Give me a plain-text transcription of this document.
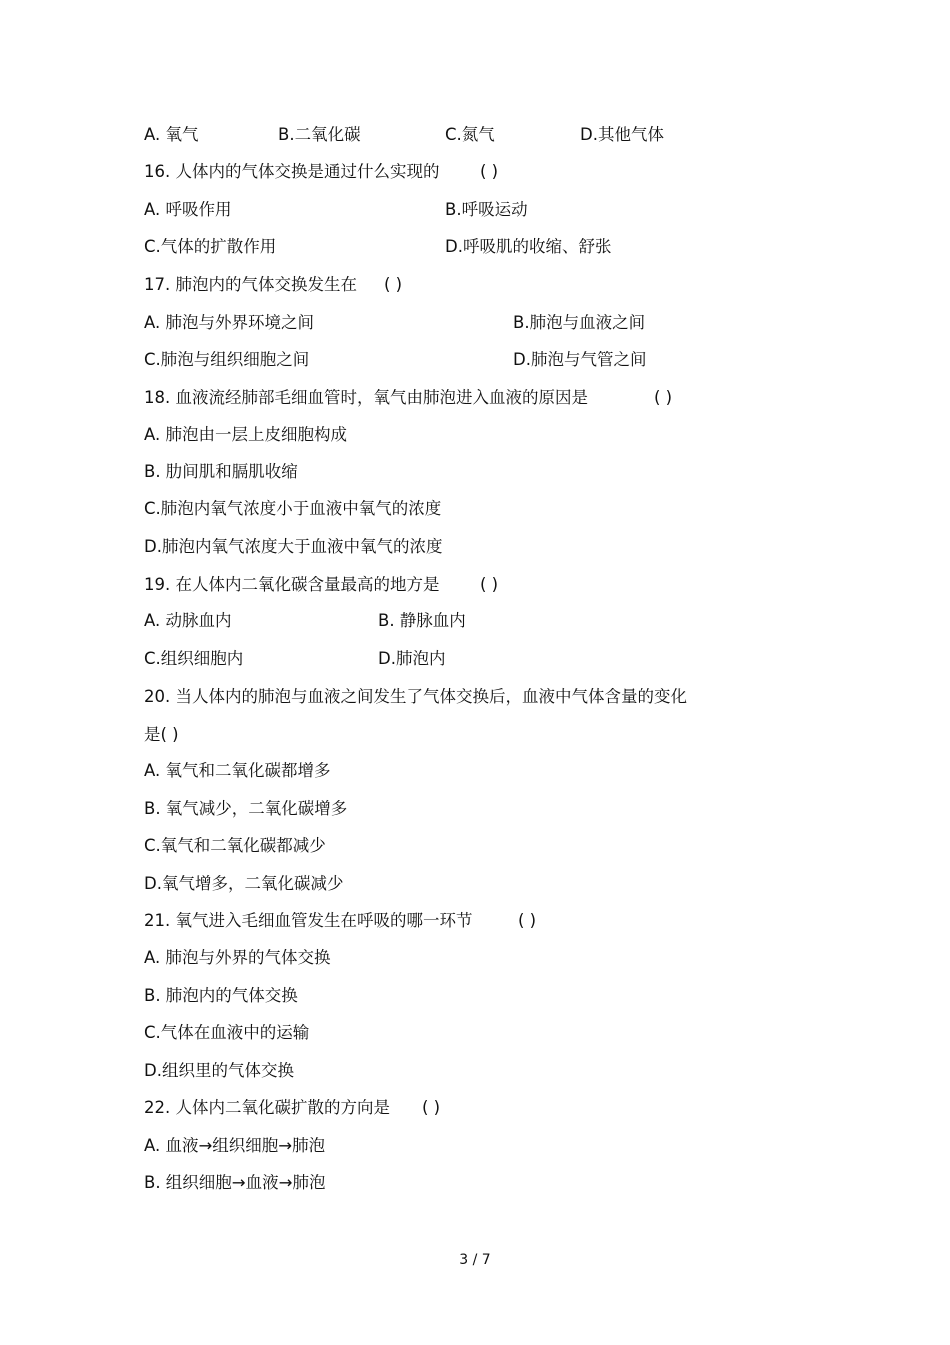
A. 氧气	B.二氧化碳	C.氮气	D.其他气体
16. 人体内的气体交换是通过什么实现的 ( )
A. 呼吸作用	B.呼吸运动
C.气体的扩散作用	D.呼吸肌的收缩、舒张
17. 肺泡内的气体交换发生在 ( )
A. 肺泡与外界环境之间	B.肺泡与血液之间
C.肺泡与组织细胞之间	D.肺泡与气管之间
18. 血液流经肺部毛细血管时，氧气由肺泡进入血液的原因是	( )
A. 肺泡由一层上皮细胞构成
B. 肋间肌和膈肌收缩
C.肺泡内氧气浓度小于血液中氧气的浓度
D.肺泡内氧气浓度大于血液中氧气的浓度
19. 在人体内二氧化碳含量最高的地方是 ( )
A. 动脉血内	B. 静脉血内
C.组织细胞内	D.肺泡内
20. 当人体内的肺泡与血液之间发生了气体交换后，血液中气体含量的变化
是( )
A. 氧气和二氧化碳都增多
B. 氧气减少，二氧化碳增多
C.氧气和二氧化碳都减少
D.氧气增多，二氧化碳减少
21. 氧气进入毛细血管发生在呼吸的哪一环节	( )
A. 肺泡与外界的气体交换
B. 肺泡内的气体交换
C.气体在血液中的运输
D.组织里的气体交换
22. 人体内二氧化碳扩散的方向是 ( )
A. 血液→组织细胞→肺泡
B. 组织细胞→血液→肺泡
3 / 7
